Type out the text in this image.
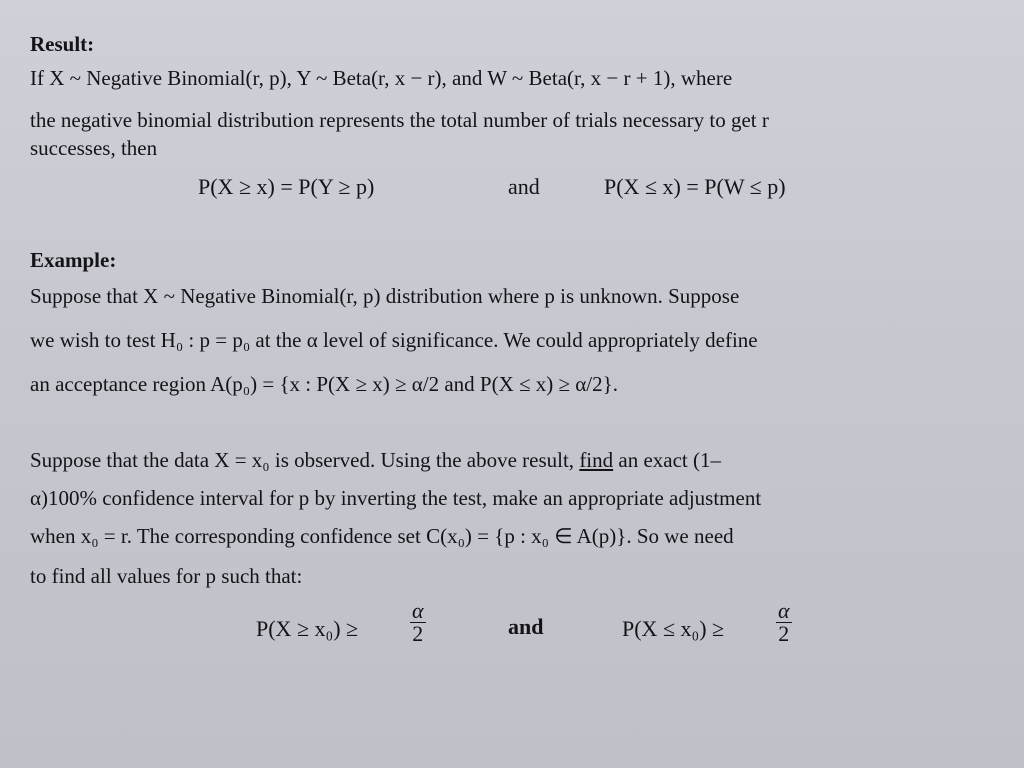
Result:
If X ~ Negative Binomial(r, p), Y ~ Beta(r, x − r), and W ~ Beta(r, x − r + 1), where
the negative binomial distribution represents the total number of trials necessary to get r
successes, then
P(X ≥ x) = P(Y ≥ p)	and	P(X ≤ x) = P(W ≤ p)
Example:
Suppose that X ~ Negative Binomial(r, p) distribution where p is unknown. Suppose
we wish to test H₀ : p = p₀ at the α level of significance. We could appropriately define
an acceptance region A(p₀) = {x : P(X ≥ x) ≥ α/2 and P(X ≤ x) ≥ α/2}.
Suppose that the data X = x₀ is observed. Using the above result, find an exact (1–
α)100% confidence interval for p by inverting the test, make an appropriate adjustment
when x₀ = r. The corresponding confidence set C(x₀) = {p : x₀ ∈ A(p)}. So we need
to find all values for p such that:
$P(X \ge x_0) \ge \frac{\alpha}{2}$	and	$P(X \le x_0) \ge \frac{\alpha}{2}$
